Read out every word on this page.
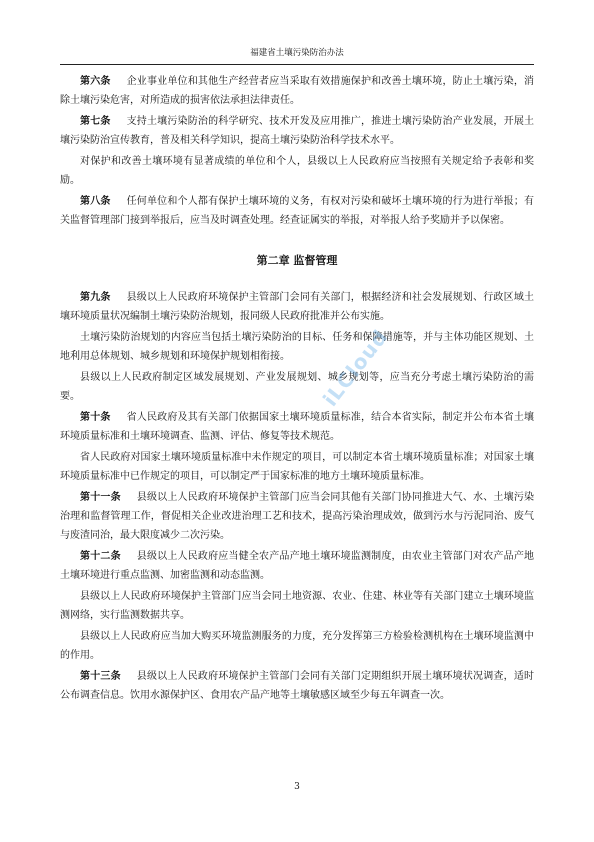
福建省土壤污染防治办法

第六条 企业事业单位和其他生产经营者应当采取有效措施保护和改善土壤环境，防止土壤污染，消除土壤污染危害，对所造成的损害依法承担法律责任。

第七条 支持土壤污染防治的科学研究、技术开发及应用推广，推进土壤污染防治产业发展，开展土壤污染防治宣传教育，普及相关科学知识，提高土壤污染防治科学技术水平。

对保护和改善土壤环境有显著成绩的单位和个人，县级以上人民政府应当按照有关规定给予表彰和奖励。

第八条 任何单位和个人都有保护土壤环境的义务，有权对污染和破坏土壤环境的行为进行举报；有关监督管理部门接到举报后，应当及时调查处理。经查证属实的举报，对举报人给予奖励并予以保密。

第二章 监督管理

第九条 县级以上人民政府环境保护主管部门会同有关部门，根据经济和社会发展规划、行政区域土壤环境质量状况编制土壤污染防治规划，报同级人民政府批准并公布实施。

土壤污染防治规划的内容应当包括土壤污染防治的目标、任务和保障措施等，并与主体功能区规划、土地利用总体规划、城乡规划和环境保护规划相衔接。

县级以上人民政府制定区域发展规划、产业发展规划、城乡规划等，应当充分考虑土壤污染防治的需要。

第十条 省人民政府及其有关部门依据国家土壤环境质量标准，结合本省实际，制定并公布本省土壤环境质量标准和土壤环境调查、监测、评估、修复等技术规范。

省人民政府对国家土壤环境质量标准中未作规定的项目，可以制定本省土壤环境质量标准；对国家土壤环境质量标准中已作规定的项目，可以制定严于国家标准的地方土壤环境质量标准。

第十一条 县级以上人民政府环境保护主管部门应当会同其他有关部门协同推进大气、水、土壤污染治理和监督管理工作，督促相关企业改进治理工艺和技术，提高污染治理成效，做到污水与污泥同治、废气与废渣同治，最大限度减少二次污染。

第十二条 县级以上人民政府应当健全农产品产地土壤环境监测制度，由农业主管部门对农产品产地土壤环境进行重点监测、加密监测和动态监测。

县级以上人民政府环境保护主管部门应当会同土地资源、农业、住建、林业等有关部门建立土壤环境监测网络，实行监测数据共享。

县级以上人民政府应当加大购买环境监测服务的力度，充分发挥第三方检验检测机构在土壤环境监测中的作用。

第十三条 县级以上人民政府环境保护主管部门会同有关部门定期组织开展土壤环境状况调查，适时公布调查信息。饮用水源保护区、食用农产品产地等土壤敏感区域至少每五年调查一次。

iLCloud
3
